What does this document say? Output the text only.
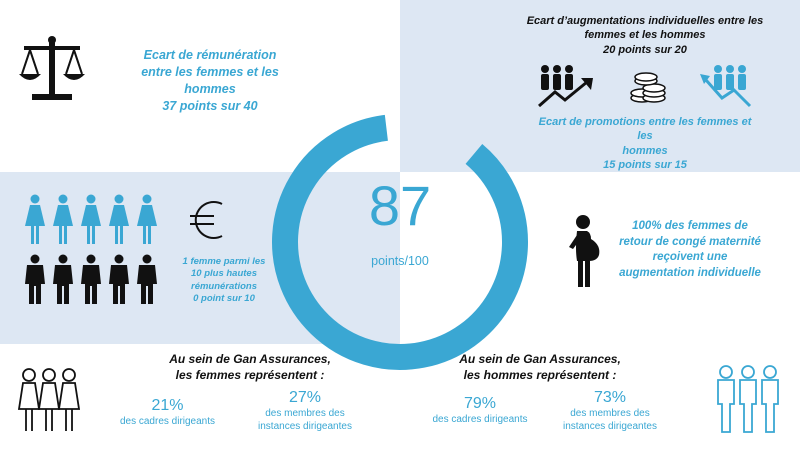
Ecart de rémunération
entre les femmes et les
hommes
37 points sur 40
Ecart d’augmentations individuelles entre les
femmes et les hommes
20 points sur 20
Ecart de promotions entre les femmes et les
hommes
15 points sur 15
1 femme parmi les
10 plus hautes
rémunérations
0 point sur 10
87
points/100
100% des femmes de
retour de congé maternité
reçoivent une
augmentation individuelle
Au sein de Gan Assurances,
les femmes représentent :
21%
des cadres dirigeants
27%
des membres des
instances dirigeantes
Au sein de Gan Assurances,
les hommes représentent :
79%
des cadres dirigeants
73%
des membres des
instances dirigeantes
